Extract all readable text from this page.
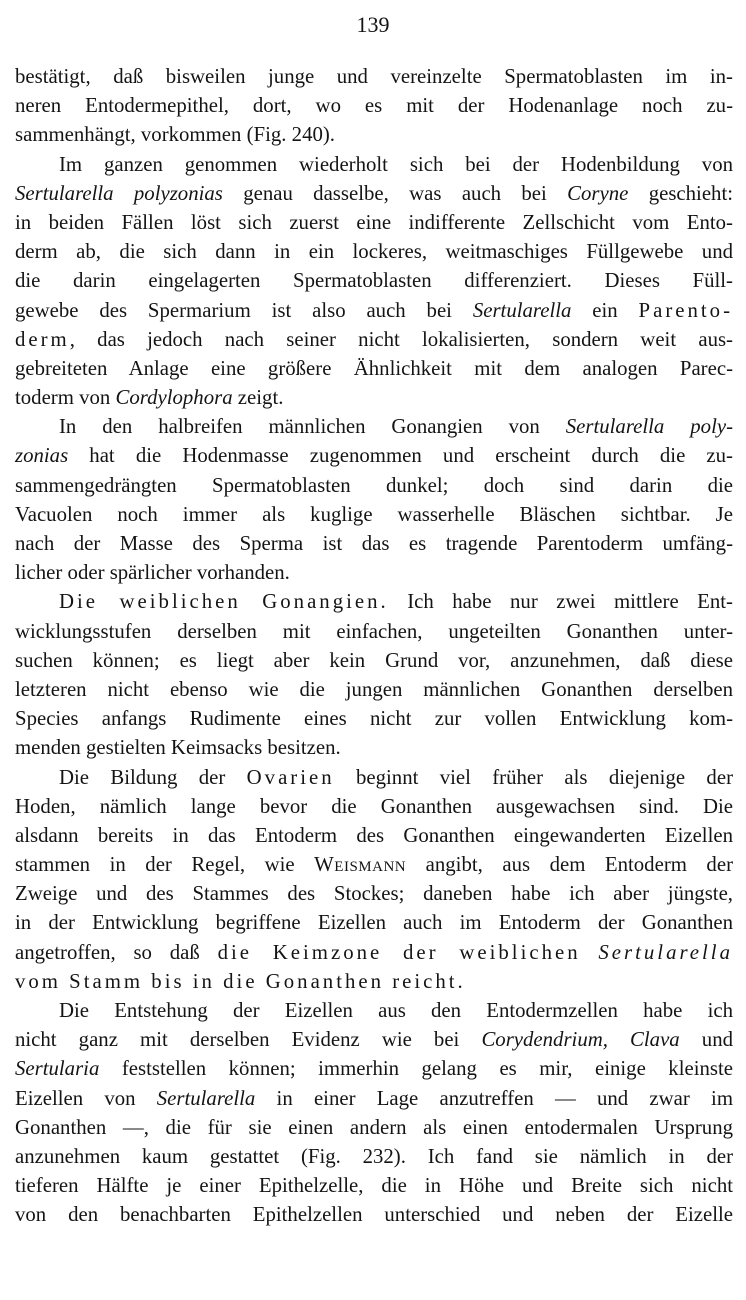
139
bestätigt, daß bisweilen junge und vereinzelte Spermatoblasten im in-
neren Entodermepithel, dort, wo es mit der Hodenanlage noch zu-
sammenhängt, vorkommen (Fig. 240).
Im ganzen genommen wiederholt sich bei der Hodenbildung von
Sertularella polyzonias genau dasselbe, was auch bei Coryne geschieht:
in beiden Fällen löst sich zuerst eine indifferente Zellschicht vom Ento-
derm ab, die sich dann in ein lockeres, weitmaschiges Füllgewebe und
die darin eingelagerten Spermatoblasten differenziert. Dieses Füll-
gewebe des Spermarium ist also auch bei Sertularella ein Parento-
derm, das jedoch nach seiner nicht lokalisierten, sondern weit aus-
gebreiteten Anlage eine größere Ähnlichkeit mit dem analogen Parec-
toderm von Cordylophora zeigt.
In den halbreifen männlichen Gonangien von Sertularella poly-
zonias hat die Hodenmasse zugenommen und erscheint durch die zu-
sammengedrängten Spermatoblasten dunkel; doch sind darin die
Vacuolen noch immer als kuglige wasserhelle Bläschen sichtbar. Je
nach der Masse des Sperma ist das es tragende Parentoderm umfäng-
licher oder spärlicher vorhanden.
Die weiblichen Gonangien. Ich habe nur zwei mittlere Ent-
wicklungsstufen derselben mit einfachen, ungeteilten Gonanthen unter-
suchen können; es liegt aber kein Grund vor, anzunehmen, daß diese
letzteren nicht ebenso wie die jungen männlichen Gonanthen derselben
Species anfangs Rudimente eines nicht zur vollen Entwicklung kom-
menden gestielten Keimsacks besitzen.
Die Bildung der Ovarien beginnt viel früher als diejenige der
Hoden, nämlich lange bevor die Gonanthen ausgewachsen sind. Die
alsdann bereits in das Entoderm des Gonanthen eingewanderten Eizellen
stammen in der Regel, wie Weismann angibt, aus dem Entoderm der
Zweige und des Stammes des Stockes; daneben habe ich aber jüngste,
in der Entwicklung begriffene Eizellen auch im Entoderm der Gonanthen
angetroffen, so daß die Keimzone der weiblichen Sertularella
vom Stamm bis in die Gonanthen reicht.
Die Entstehung der Eizellen aus den Entodermzellen habe ich
nicht ganz mit derselben Evidenz wie bei Corydendrium, Clava und
Sertularia feststellen können; immerhin gelang es mir, einige kleinste
Eizellen von Sertularella in einer Lage anzutreffen — und zwar im
Gonanthen —, die für sie einen andern als einen entodermalen Ursprung
anzunehmen kaum gestattet (Fig. 232). Ich fand sie nämlich in der
tieferen Hälfte je einer Epithelzelle, die in Höhe und Breite sich nicht
von den benachbarten Epithelzellen unterschied und neben der Eizelle
